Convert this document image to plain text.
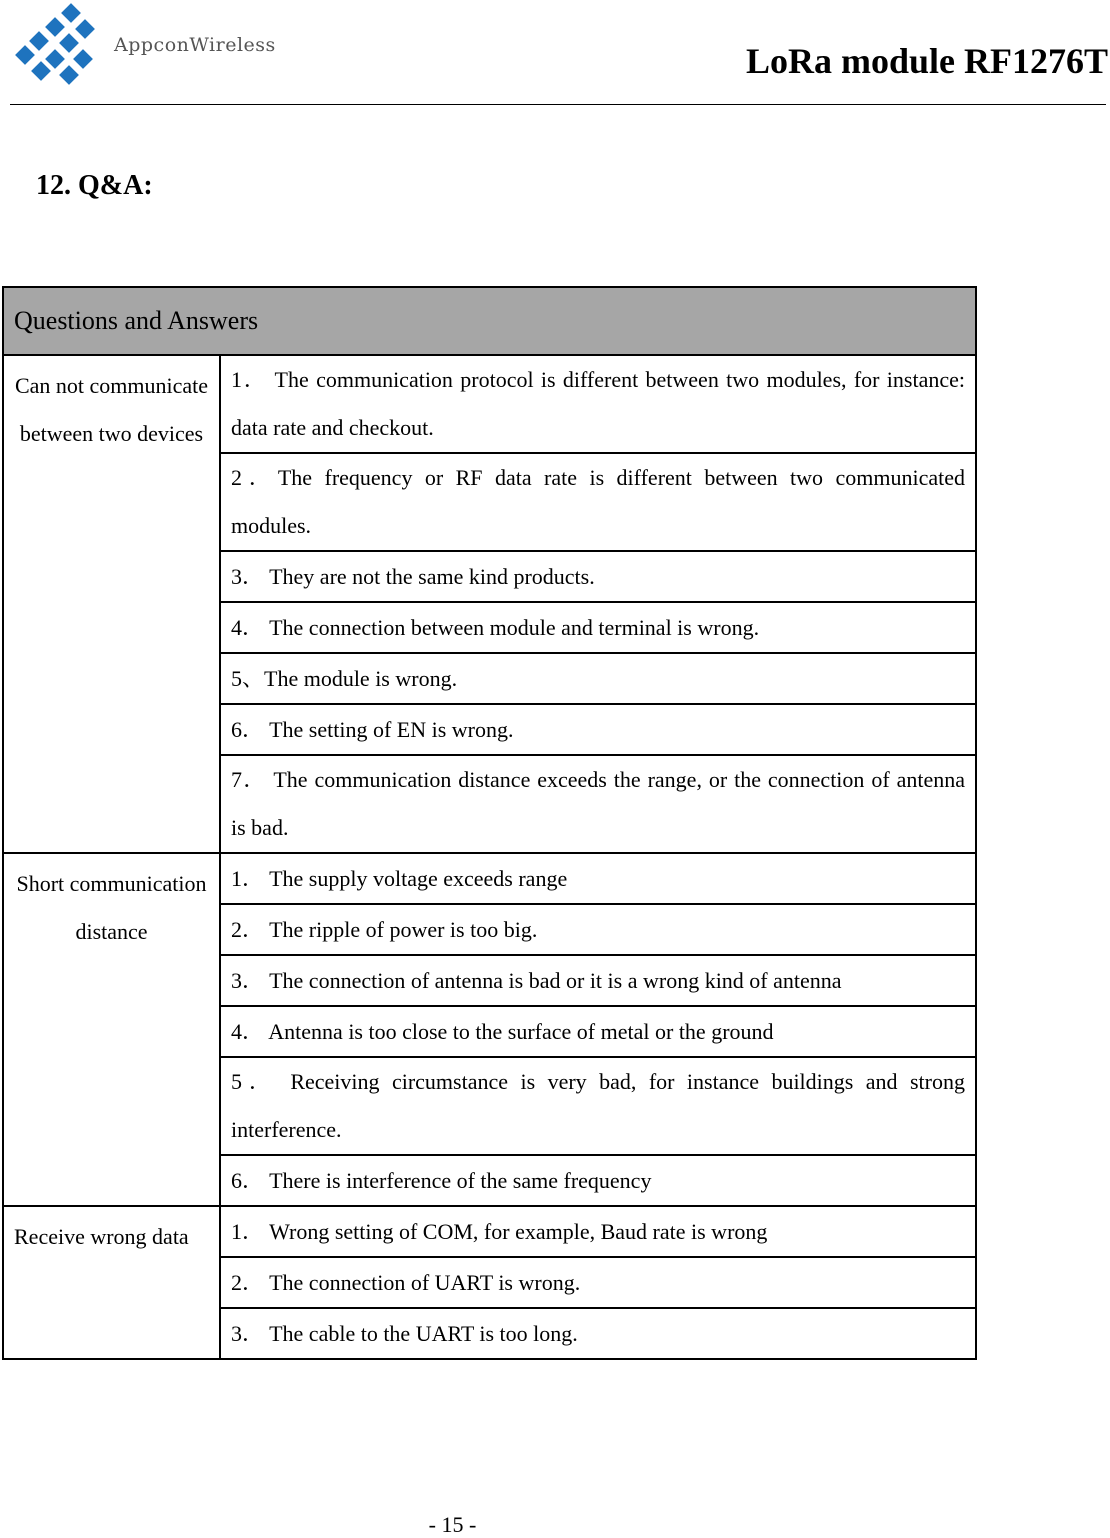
AppconWireless	LoRa module RF1276T
12. Q&A:
Questions and Answers	
Can not communicate between two devices	1． The communication protocol is different between two modules, for instance: data rate and checkout.
	2．The frequency or RF data rate is different between two communicated modules.
	3． They are not the same kind products.
	4． The connection between module and terminal is wrong.
	5、The module is wrong.
	6． The setting of EN is wrong.
	7． The communication distance exceeds the range, or the connection of antenna is bad.
Short communication distance	1． The supply voltage exceeds range
	2． The ripple of power is too big.
	3． The connection of antenna is bad or it is a wrong kind of antenna
	4． Antenna is too close to the surface of metal or the ground
	5． Receiving circumstance is very bad, for instance buildings and strong interference.
	6． There is interference of the same frequency
Receive wrong data	1． Wrong setting of COM, for example, Baud rate is wrong
	2． The connection of UART is wrong.
	3． The cable to the UART is too long.
- 15 -
